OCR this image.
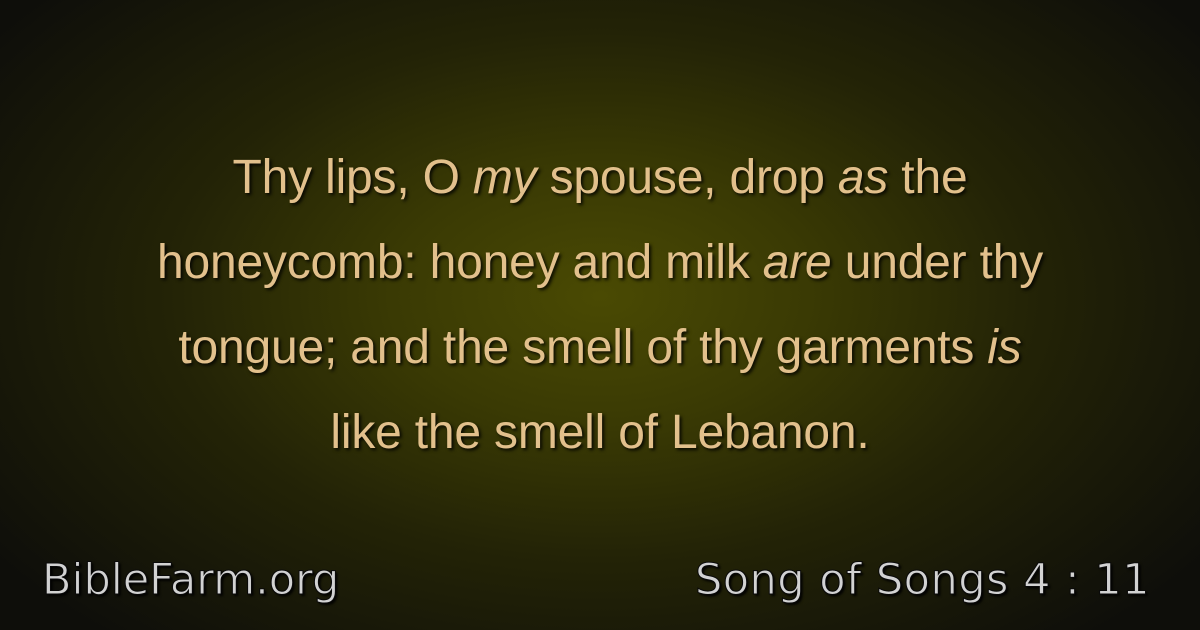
Thy lips, O my spouse, drop as the
honeycomb: honey and milk are under thy
tongue; and the smell of thy garments is
like the smell of Lebanon.

BibleFarm.org	Song of Songs 4 : 11
